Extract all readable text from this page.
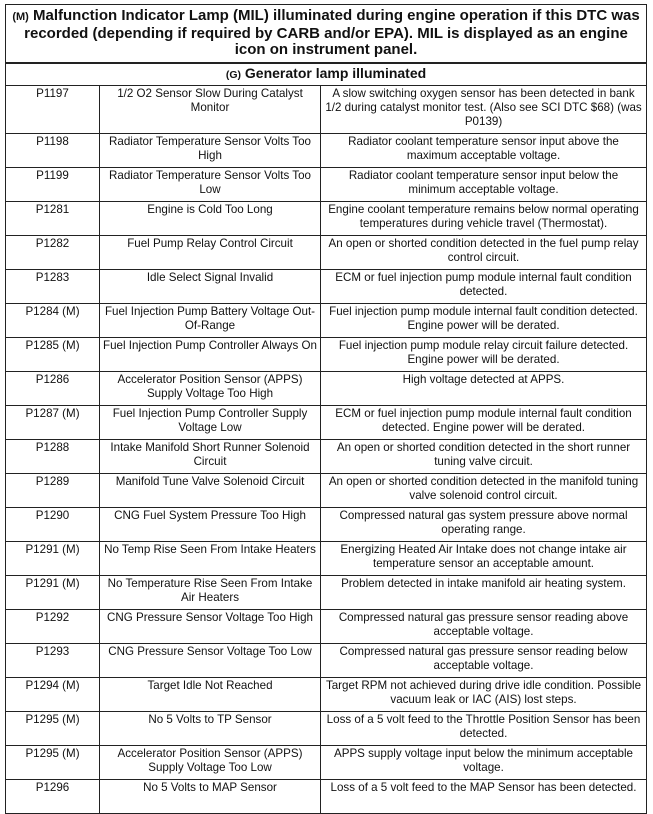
(M) Malfunction Indicator Lamp (MIL) illuminated during engine operation if this DTC was recorded (depending if required by CARB and/or EPA). MIL is displayed as an engine icon on instrument panel.		
(G) Generator lamp illuminated		
P1197	1/2 O2 Sensor Slow During Catalyst Monitor	A slow switching oxygen sensor has been detected in bank 1/2 during catalyst monitor test. (Also see SCI DTC $68) (was P0139)
P1198	Radiator Temperature Sensor Volts Too High	Radiator coolant temperature sensor input above the maximum acceptable voltage.
P1199	Radiator Temperature Sensor Volts Too Low	Radiator coolant temperature sensor input below the minimum acceptable voltage.
P1281	Engine is Cold Too Long	Engine coolant temperature remains below normal operating temperatures during vehicle travel (Thermostat).
P1282	Fuel Pump Relay Control Circuit	An open or shorted condition detected in the fuel pump relay control circuit.
P1283	Idle Select Signal Invalid	ECM or fuel injection pump module internal fault condition detected.
P1284 (M)	Fuel Injection Pump Battery Voltage Out-Of-Range	Fuel injection pump module internal fault condition detected. Engine power will be derated.
P1285 (M)	Fuel Injection Pump Controller Always On	Fuel injection pump module relay circuit failure detected. Engine power will be derated.
P1286	Accelerator Position Sensor (APPS) Supply Voltage Too High	High voltage detected at APPS.
P1287 (M)	Fuel Injection Pump Controller Supply Voltage Low	ECM or fuel injection pump module internal fault condition detected. Engine power will be derated.
P1288	Intake Manifold Short Runner Solenoid Circuit	An open or shorted condition detected in the short runner tuning valve circuit.
P1289	Manifold Tune Valve Solenoid Circuit	An open or shorted condition detected in the manifold tuning valve solenoid control circuit.
P1290	CNG Fuel System Pressure Too High	Compressed natural gas system pressure above normal operating range.
P1291 (M)	No Temp Rise Seen From Intake Heaters	Energizing Heated Air Intake does not change intake air temperature sensor an acceptable amount.
P1291 (M)	No Temperature Rise Seen From Intake Air Heaters	Problem detected in intake manifold air heating system.
P1292	CNG Pressure Sensor Voltage Too High	Compressed natural gas pressure sensor reading above acceptable voltage.
P1293	CNG Pressure Sensor Voltage Too Low	Compressed natural gas pressure sensor reading below acceptable voltage.
P1294 (M)	Target Idle Not Reached	Target RPM not achieved during drive idle condition. Possible vacuum leak or IAC (AIS) lost steps.
P1295 (M)	No 5 Volts to TP Sensor	Loss of a 5 volt feed to the Throttle Position Sensor has been detected.
P1295 (M)	Accelerator Position Sensor (APPS) Supply Voltage Too Low	APPS supply voltage input below the minimum acceptable voltage.
P1296	No 5 Volts to MAP Sensor	Loss of a 5 volt feed to the MAP Sensor has been detected.
